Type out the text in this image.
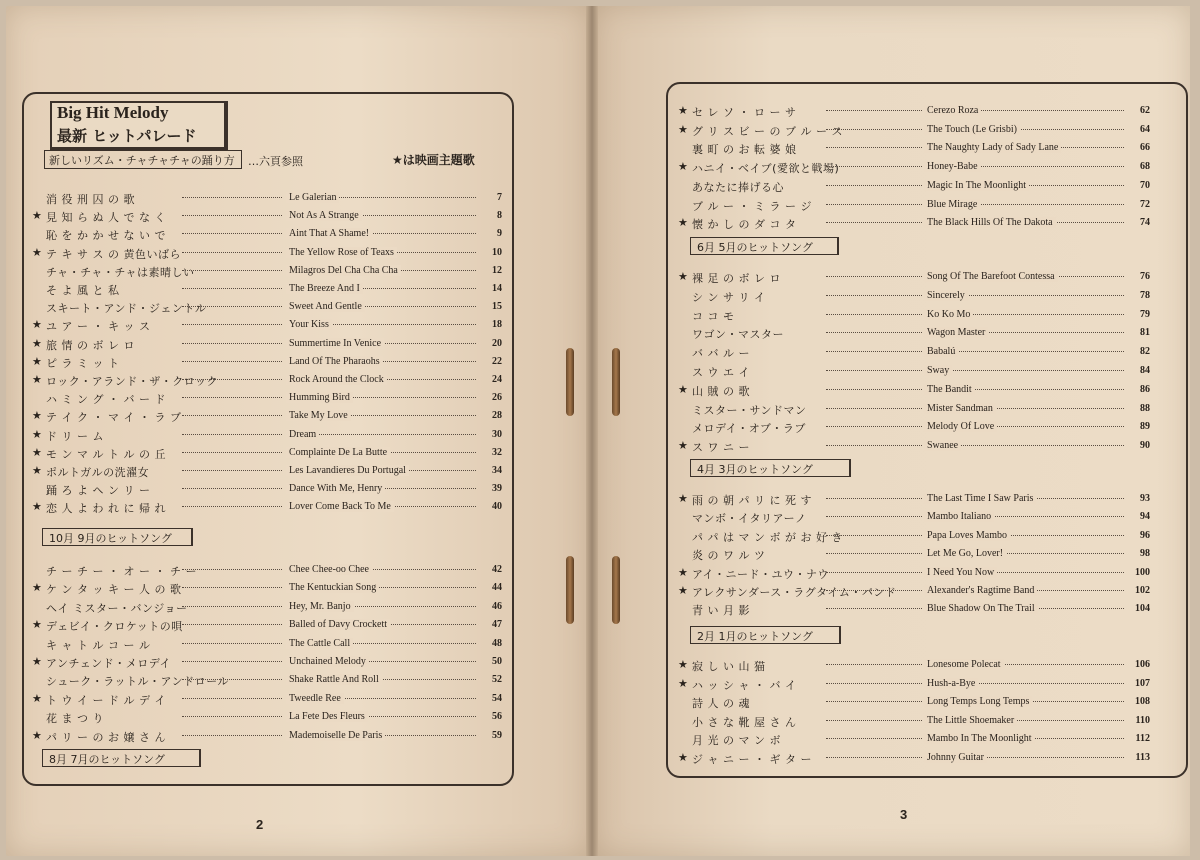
Big Hit Melody
最新 ヒットパレード
新しいリズム・チャチャチャの踊り方 …六頁参照	★は映画主題歌
消 役 刑 囚 の 歌	Le Galerian	7
★ 見 知 ら ぬ 人 で な く	Not As A Strange	8
恥 を か か せ な い で	Aint That A Shame!	9
★ テ キ サ ス の 黄色いばら	The Yellow Rose of Teaxs	10
チャ・チャ・チャは素晴しい	Milagros Del Cha Cha Cha	12
そ よ 風 と 私	The Breeze And I	14
スキート・アンド・ジェントル	Sweet And Gentle	15
★ ユ ア ー ・ キ ッ ス	Your Kiss	18
★ 旅 情 の ボ レ ロ	Summertime In Venice	20
★ ピ ラ ミ ッ ト	Land Of The Pharaohs	22
★ ロック・アランド・ザ・クロック	Rock Around the Clock	24
ハ ミ ン グ ・ バ ー ド	Humming Bird	26
★ テ イ ク ・ マ イ ・ ラ ブ	Take My Love	28
★ ド リ ー ム	Dream	30
★ モ ン マ ル ト ル の 丘	Complainte De La Butte	32
★ ポルトガルの洗濯女	Les Lavandieres Du Portugal	34
踊 ろ よ ヘ ン リ ー	Dance With Me, Henry	39
★ 恋 人 よ わ れ に 帰 れ	Lover Come Back To Me	40
チ ー チ ー ・ オ ー ・ チ ー	Chee Chee-oo Chee	42
★ ケ ン タ ッ キ ー 人 の 歌	The Kentuckian Song	44
ヘイ ミスター・バンジョー	Hey, Mr. Banjo	46
★ デェビイ・クロケットの唄	Balled of Davy Crockett	47
キ ャ ト ル コ ー ル	The Cattle Call	48
★ アンチェンド・メロデイ	Unchained Melody	50
シューク・ラットル・アンドロール	Shake Rattle And Roll	52
★ ト ウ イ ー ド ル デ イ	Tweedle Ree	54
花 ま つ り	La Fete Des Fleurs	56
★ パ リ ー の お 嬢 さ ん	Mademoiselle De Paris	59
10月 9月のヒットソング
8月 7月のヒットソング
2
★ セ レ ソ ・ ロ ー サ	Cerezo Roza	62
★ グ リ ス ビ ー の ブ ル ー ス	The Touch (Le Grisbi)	64
裏 町 の お 転 婆 娘	The Naughty Lady of Sady Lane	66
★ ハニイ・ベイブ(愛欲と戦場)	Honey-Babe	68
あなたに捧げる心	Magic In The Moonlight	70
ブ ル ー ・ ミ ラ ー ジ	Blue Mirage	72
★ 懐 か し の ダ コ タ	The Black Hills Of The Dakota	74
★ 裸 足 の ボ レ ロ	Song Of The Barefoot Contessa	76
シ ン サ リ イ	Sincerely	78
コ コ モ	Ko Ko Mo	79
ワゴン・マスター	Wagon Master	81
バ バ ル ー	Babalú	82
ス ウ エ イ	Sway	84
★ 山 賊 の 歌	The Bandit	86
ミスター・サンドマン	Mister Sandman	88
メロデイ・オブ・ラブ	Melody Of Love	89
★ ス ワ ニ ー	Swanee	90
★ 雨 の 朝 パ リ に 死 す	The Last Time I Saw Paris	93
マンボ・イタリアーノ	Mambo Italiano	94
パ パ は マ ン ボ が お 好 き	Papa Loves Mambo	96
炎 の ワ ル ツ	Let Me Go, Lover!	98
★ アイ・ニード・ユウ・ナウ	I Need You Now	100
★ アレクサンダース・ラグタイム・バンド	Alexander's Ragtime Band	102
青 い 月 影	Blue Shadow On The Trail	104
★ 寂 し い 山 猫	Lonesome Polecat	106
★ ハ ッ シ ャ ・ バ イ	Hush-a-Bye	107
詩 人 の 魂	Long Temps Long Temps	108
小 さ な 靴 屋 さ ん	The Little Shoemaker	110
月 光 の マ ン ボ	Mambo In The Moonlight	112
★ ジ ャ ニ ー ・ ギ タ ー	Johnny Guitar	113
6月 5月のヒットソング
4月 3月のヒットソング
2月 1月のヒットソング
3
